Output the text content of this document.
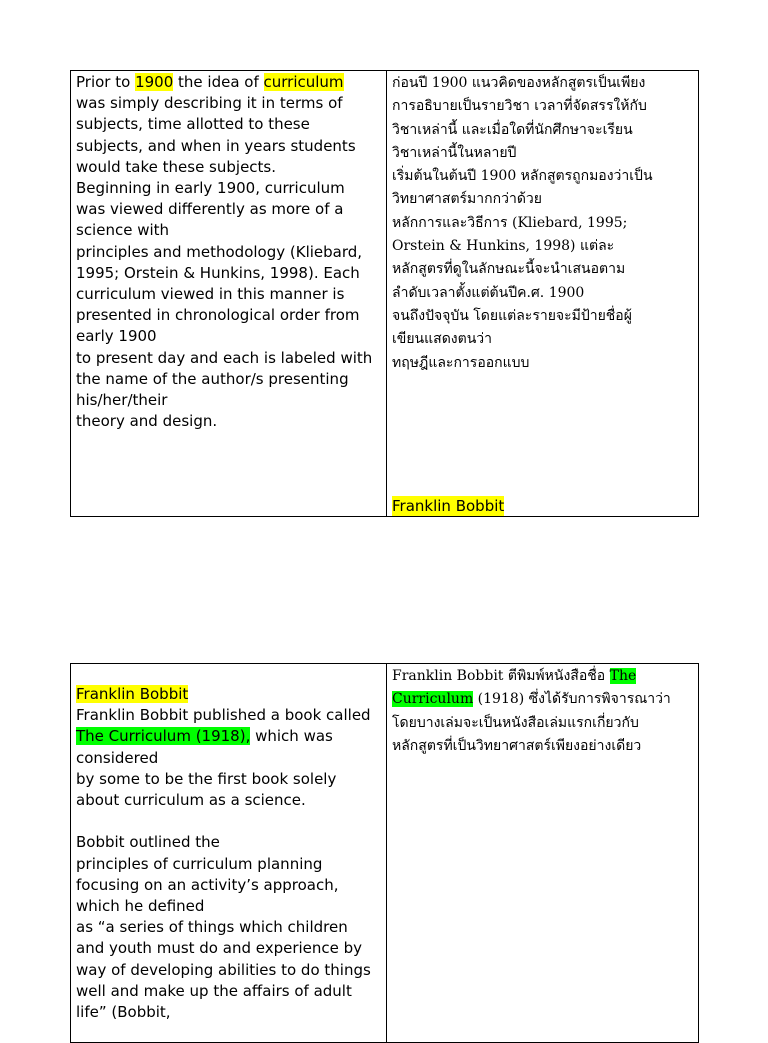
Prior to 1900 the idea of curriculum
was simply describing it in terms of
subjects, time allotted to these
subjects, and when in years students
would take these subjects.
Beginning in early 1900, curriculum
was viewed differently as more of a
science with
principles and methodology (Kliebard,
1995; Orstein & Hunkins, 1998). Each
curriculum viewed in this manner is
presented in chronological order from
early 1900
to present day and each is labeled with
the name of the author/s presenting
his/her/their
theory and design.
ก่อนปี 1900 แนวคิดของหลักสูตรเป็นเพียง
การอธิบายเป็นรายวิชา เวลาที่จัดสรรให้กับ
วิชาเหล่านี้ และเมื่อใดที่นักศึกษาจะเรียน
วิชาเหล่านี้ในหลายปี
เริ่มต้นในต้นปี 1900 หลักสูตรถูกมองว่าเป็น
วิทยาศาสตร์มากกว่าด้วย
หลักการและวิธีการ (Kliebard, 1995;
Orstein & Hunkins, 1998) แต่ละ
หลักสูตรที่ดูในลักษณะนี้จะนำเสนอตาม
ลำดับเวลาตั้งแต่ต้นปีค.ศ. 1900
จนถึงปัจจุบัน โดยแต่ละรายจะมีป้ายชื่อผู้
เขียนแสดงตนว่า
ทฤษฎีและการออกแบบ
Franklin Bobbit
Franklin Bobbit
Franklin Bobbit published a book called
The Curriculum (1918), which was
considered
by some to be the first book solely
about curriculum as a science.
Bobbit outlined the
principles of curriculum planning
focusing on an activity’s approach,
which he defined
as “a series of things which children
and youth must do and experience by
way of developing abilities to do things
well and make up the affairs of adult
life” (Bobbit,
Franklin Bobbit ตีพิมพ์หนังสือชื่อ The
Curriculum (1918) ซึ่งได้รับการพิจารณาว่า
โดยบางเล่มจะเป็นหนังสือเล่มแรกเกี่ยวกับ
หลักสูตรที่เป็นวิทยาศาสตร์เพียงอย่างเดียว
